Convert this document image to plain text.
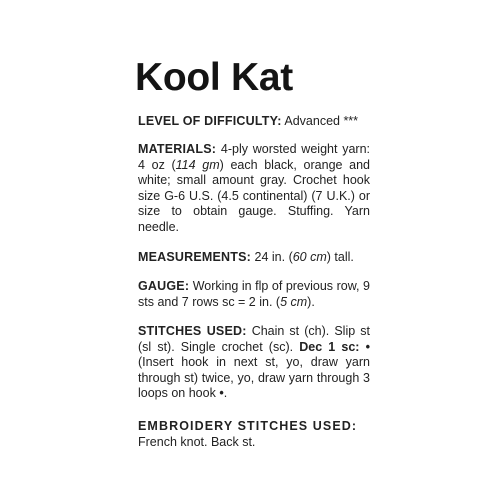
Kool Kat

LEVEL OF DIFFICULTY: Advanced ***

MATERIALS: 4-ply worsted weight yarn: 4 oz (114 gm) each black, orange and white; small amount gray. Crochet hook size G-6 U.S. (4.5 continental) (7 U.K.) or size to obtain gauge. Stuffing. Yarn needle.

MEASUREMENTS: 24 in. (60 cm) tall.

GAUGE: Working in flp of previous row, 9 sts and 7 rows sc = 2 in. (5 cm).

STITCHES USED: Chain st (ch). Slip st (sl st). Single crochet (sc). Dec 1 sc: • (Insert hook in next st, yo, draw yarn through st) twice, yo, draw yarn through 3 loops on hook •.

EMBROIDERY STITCHES USED:
French knot. Back st.
